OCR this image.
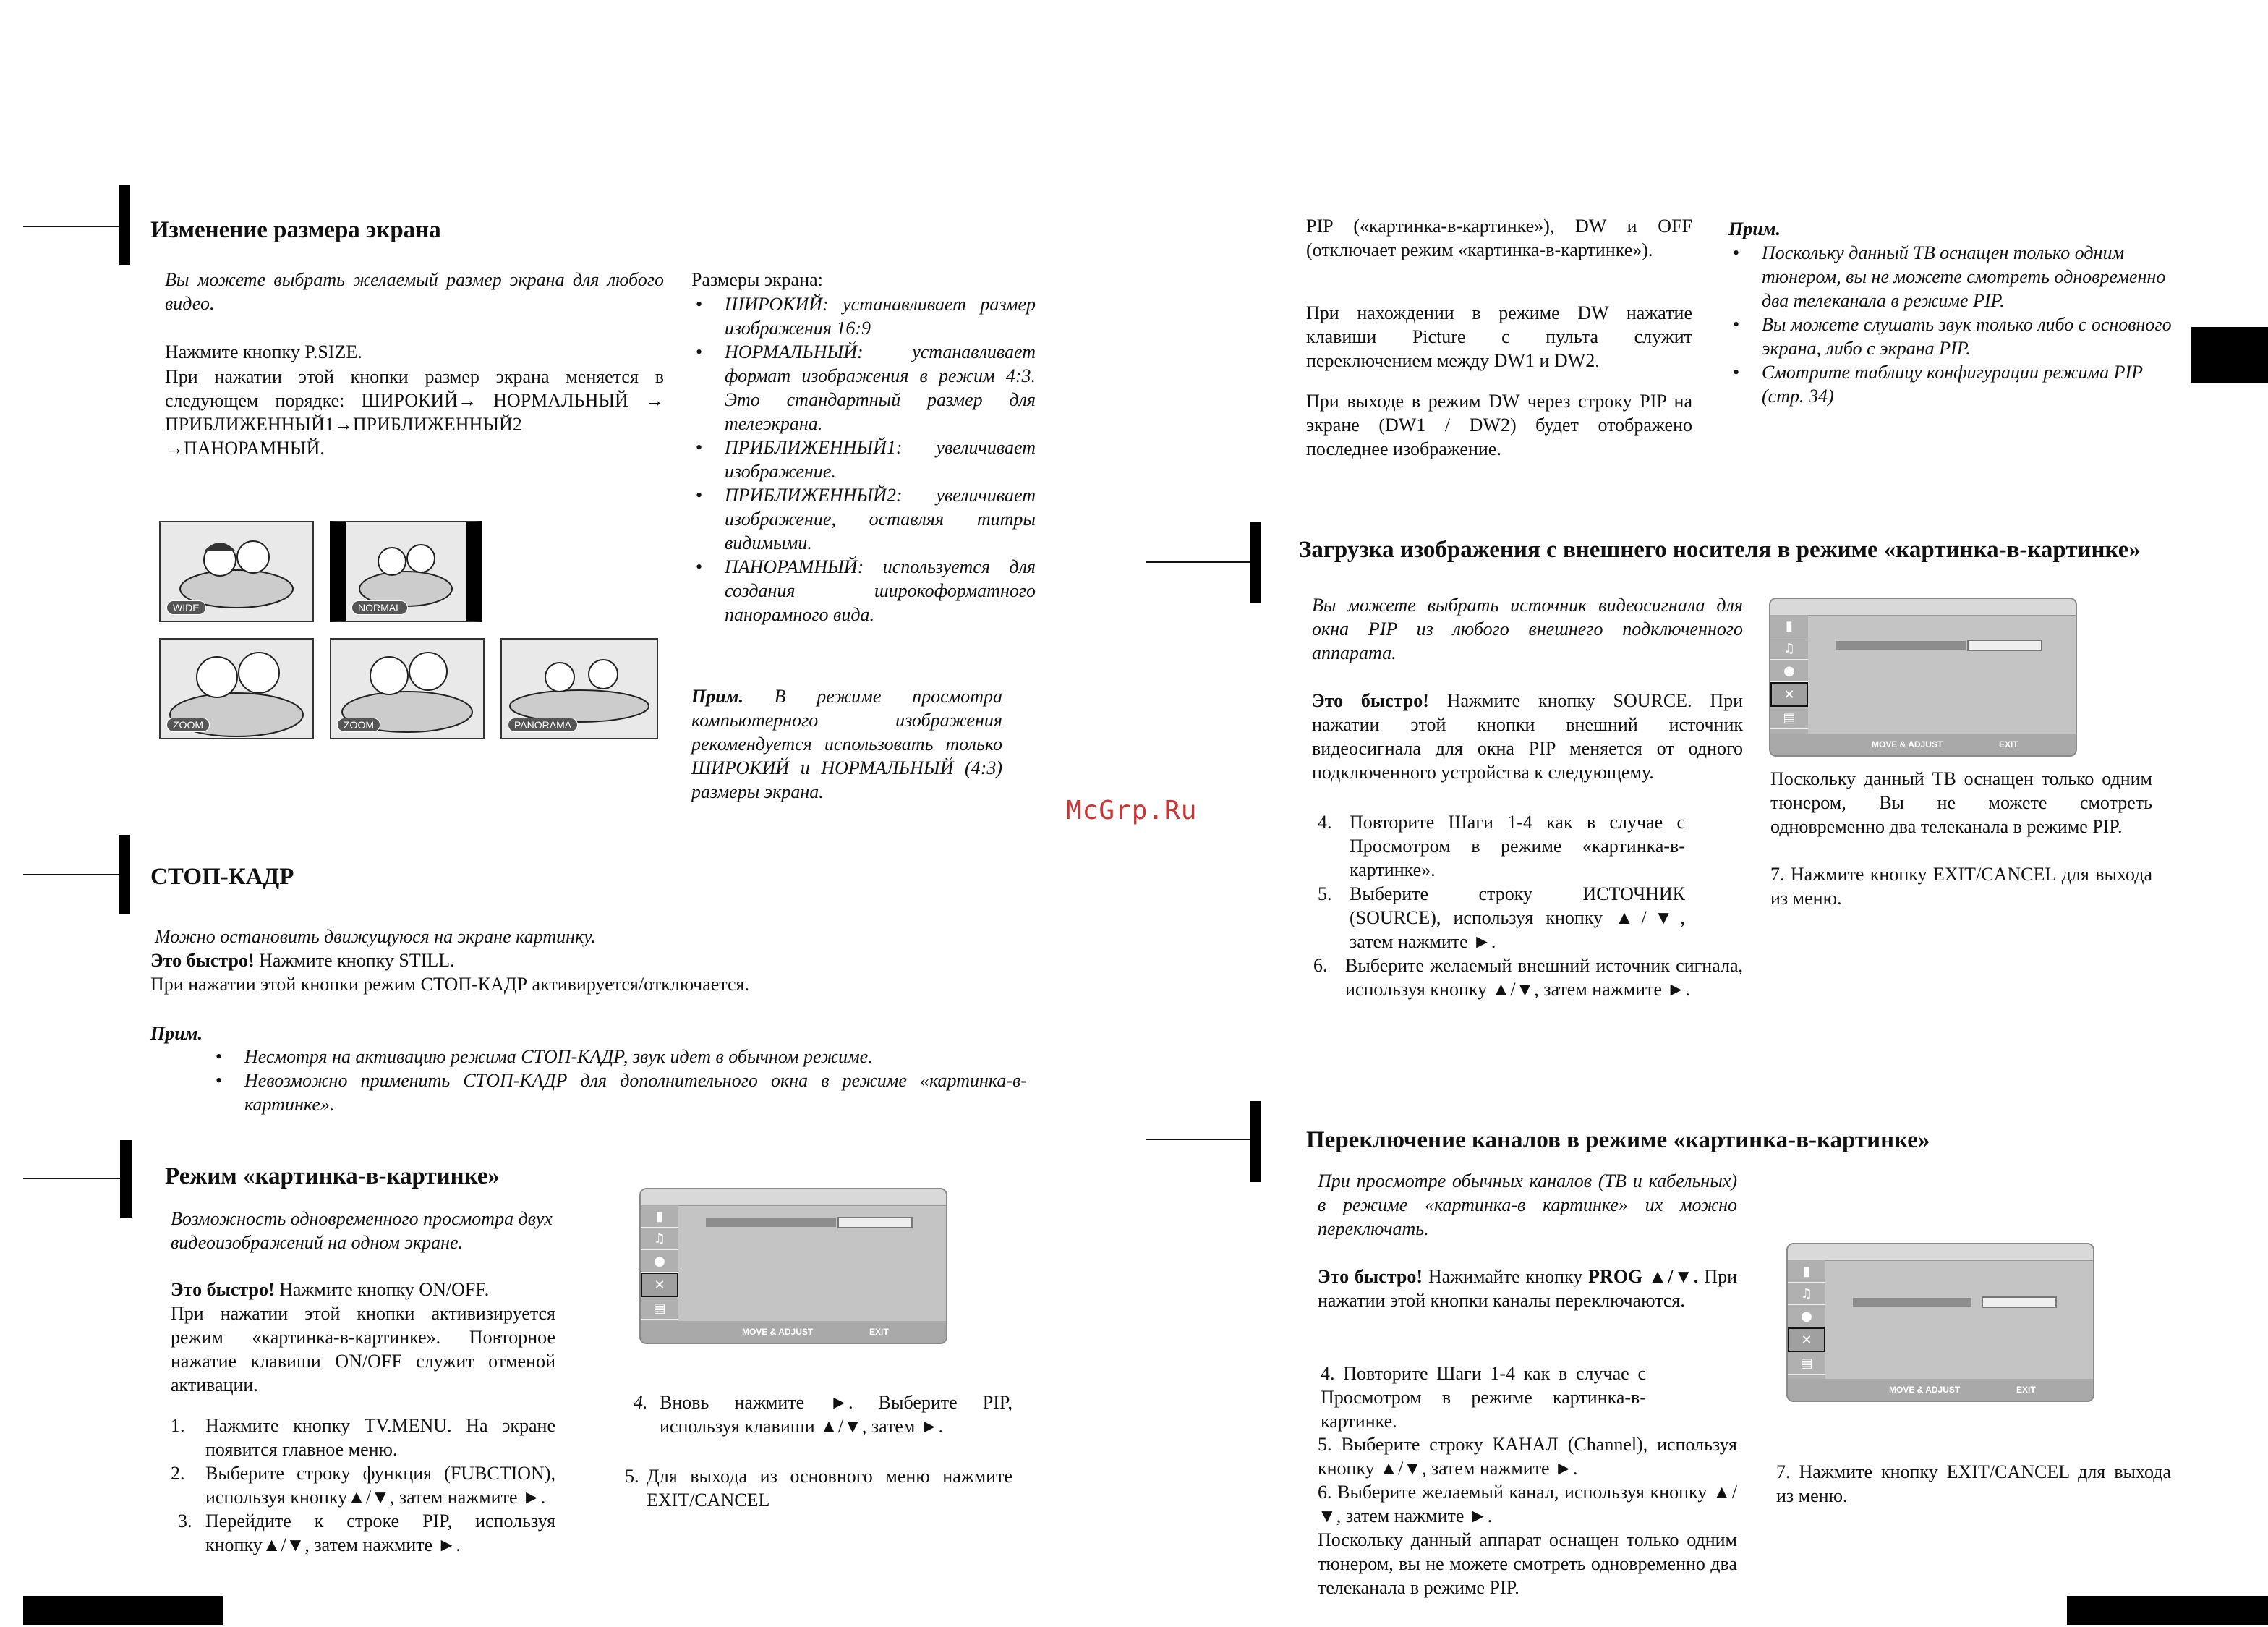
Изменение размера экрана
Вы можете выбрать желаемый размер экрана для любого видео.
Нажмите кнопку P.SIZE.
При нажатии этой кнопки размер экрана меняется в следующем порядке: ШИРОКИЙ→ НОРМАЛЬНЫЙ → ПРИБЛИЖЕННЫЙ1→ПРИБЛИЖЕННЫЙ2 →ПАНОРАМНЫЙ.
Размеры экрана:
• ШИРОКИЙ: устанавливает размер изображения 16:9
• НОРМАЛЬНЫЙ: устанавливает формат изображения в режим 4:3. Это стандартный размер для телеэкрана.
• ПРИБЛИЖЕННЫЙ1: увеличивает изображение.
• ПРИБЛИЖЕННЫЙ2: увеличивает изображение, оставляя титры видимыми.
• ПАНОРАМНЫЙ: используется для создания широкоформатного панорамного вида.
Прим. В режиме просмотра компьютерного изображения рекомендуется использовать только ШИРОКИЙ и НОРМАЛЬНЫЙ (4:3) размеры экрана.
WIDE	NORMAL
ZOOM	ZOOM	PANORAMA
СТОП-КАДР
Можно остановить движущуюся на экране картинку.
Это быстро! Нажмите кнопку STILL.
При нажатии этой кнопки режим СТОП-КАДР активируется/отключается.
Прим.
• Несмотря на активацию режима СТОП-КАДР, звук идет в обычном режиме.
• Невозможно применить СТОП-КАДР для дополнительного окна в режиме «картинка-в-картинке».
Режим «картинка-в-картинке»
Возможность одновременного просмотра двух видеоизображений на одном экране.
Это быстро! Нажмите кнопку ON/OFF.
При нажатии этой кнопки активизируется режим «картинка-в-картинке». Повторное нажатие клавиши ON/OFF служит отменой активации.
1. Нажмите кнопку TV.MENU. На экране появится главное меню.
2. Выберите строку функция (FUBCTION), используя кнопку▲/▼, затем нажмите ►.
3. Перейдите к строке PIP, используя кнопку▲/▼, затем нажмите ►.
4. Вновь нажмите ►. Выберите PIP, используя клавиши ▲/▼, затем ►.
5. Для выхода из основного меню нажмите EXIT/CANCEL
▮
♫
●
✕
▤
MOVE & ADJUST	EXIT
McGrp.Ru
PIP («картинка-в-картинке»), DW и OFF (отключает режим «картинка-в-картинке»).
При нахождении в режиме DW нажатие клавиши Picture с пульта служит переключением между DW1 и DW2.
При выходе в режим DW через строку PIP на экране (DW1 / DW2) будет отображено последнее изображение.
Прим.
• Поскольку данный ТВ оснащен только одним тюнером, вы не можете смотреть одновременно два телеканала в режиме PIP.
• Вы можете слушать звук только либо с основного экрана, либо с экрана PIP.
• Смотрите таблицу конфигурации режима PIP (стр. 34)
Загрузка изображения с внешнего носителя в режиме «картинка-в-картинке»
Вы можете выбрать источник видеосигнала для окна PIP из любого внешнего подключенного аппарата.
Это быстро! Нажмите кнопку SOURCE. При нажатии этой кнопки внешний источник видеосигнала для окна PIP меняется от одного подключенного устройства к следующему.
4. Повторите Шаги 1-4 как в случае с Просмотром в режиме «картинка-в-картинке».
5. Выберите строку ИСТОЧНИК (SOURCE), используя кнопку ▲/▼, затем нажмите ►.
6. Выберите желаемый внешний источник сигнала, используя кнопку ▲/▼, затем нажмите ►.
▮
♫
●
✕
▤
MOVE & ADJUST	EXIT
Поскольку данный ТВ оснащен только одним тюнером, Вы не можете смотреть одновременно два телеканала в режиме PIP.
7. Нажмите кнопку EXIT/CANCEL для выхода из меню.
Переключение каналов в режиме «картинка-в-картинке»
При просмотре обычных каналов (ТВ и кабельных) в режиме «картинка-в картинке» их можно переключать.
Это быстро! Нажимайте кнопку PROG ▲/▼. При нажатии этой кнопки каналы переключаются.
4. Повторите Шаги 1-4 как в случае с Просмотром в режиме картинка-в-картинке.
5. Выберите строку КАНАЛ (Channel), используя кнопку ▲/▼, затем нажмите ►.
6. Выберите желаемый канал, используя кнопку ▲/▼, затем нажмите ►.
Поскольку данный аппарат оснащен только одним тюнером, вы не можете смотреть одновременно два телеканала в режиме PIP.
▮
♫
●
✕
▤
MOVE & ADJUST	EXIT
7. Нажмите кнопку EXIT/CANCEL для выхода из меню.
